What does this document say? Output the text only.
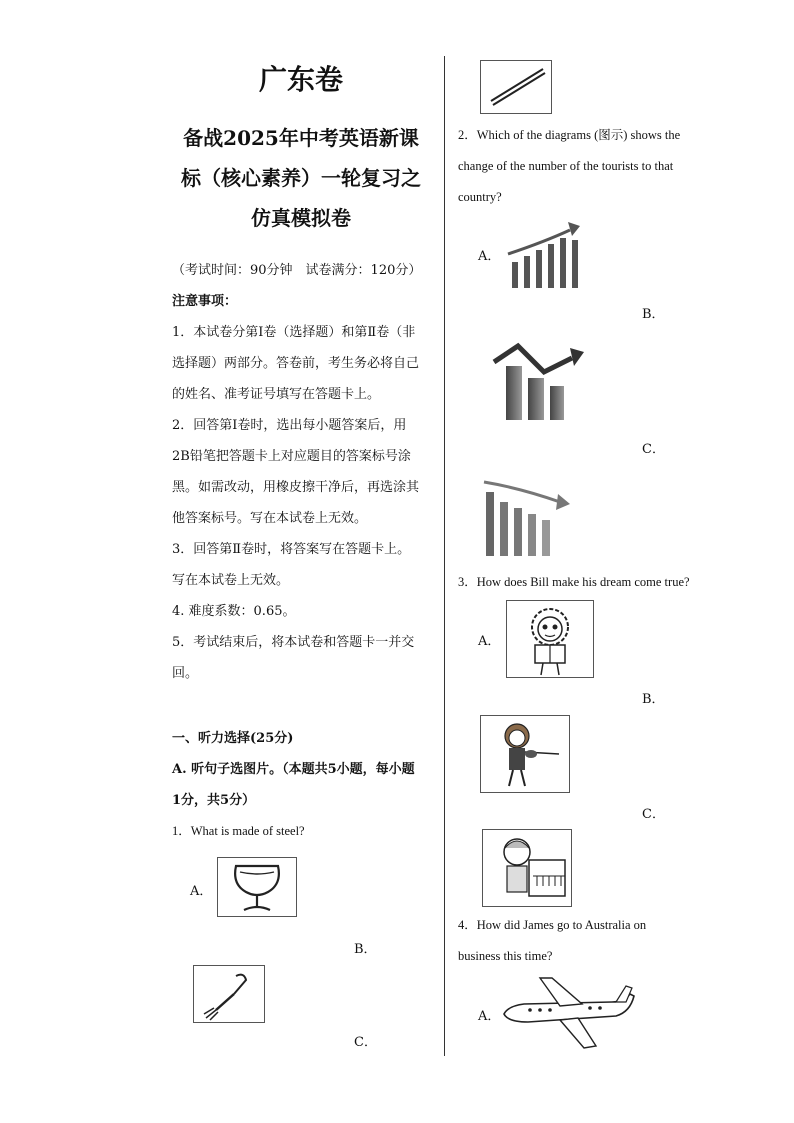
广东卷
备战2025年中考英语新课
标（核心素养）一轮复习之
仿真模拟卷
（考试时间：90分钟　试卷满分：120分）
注意事项：
1．本试卷分第Ⅰ卷（选择题）和第Ⅱ卷（非
选择题）两部分。答卷前，考生务必将自己
的姓名、准考证号填写在答题卡上。
2．回答第Ⅰ卷时，选出每小题答案后，用
2B铅笔把答题卡上对应题目的答案标号涂
黑。如需改动，用橡皮擦干净后，再选涂其
他答案标号。写在本试卷上无效。
3．回答第Ⅱ卷时，将答案写在答题卡上。
写在本试卷上无效。
4. 难度系数：0.65。
5．考试结束后，将本试卷和答题卡一并交
回。
一、听力选择(25分)
A. 听句子选图片。（本题共5小题，每小题
1分，共5分）
1．What is made of steel?
A．
B．
C．
2．Which of the diagrams (图示) shows the
change of the number of the tourists to that
country?
A．
B．
C．
3．How does Bill make his dream come true?
A．
B．
C．
4．How did James go to Australia on
business this time?
A．
